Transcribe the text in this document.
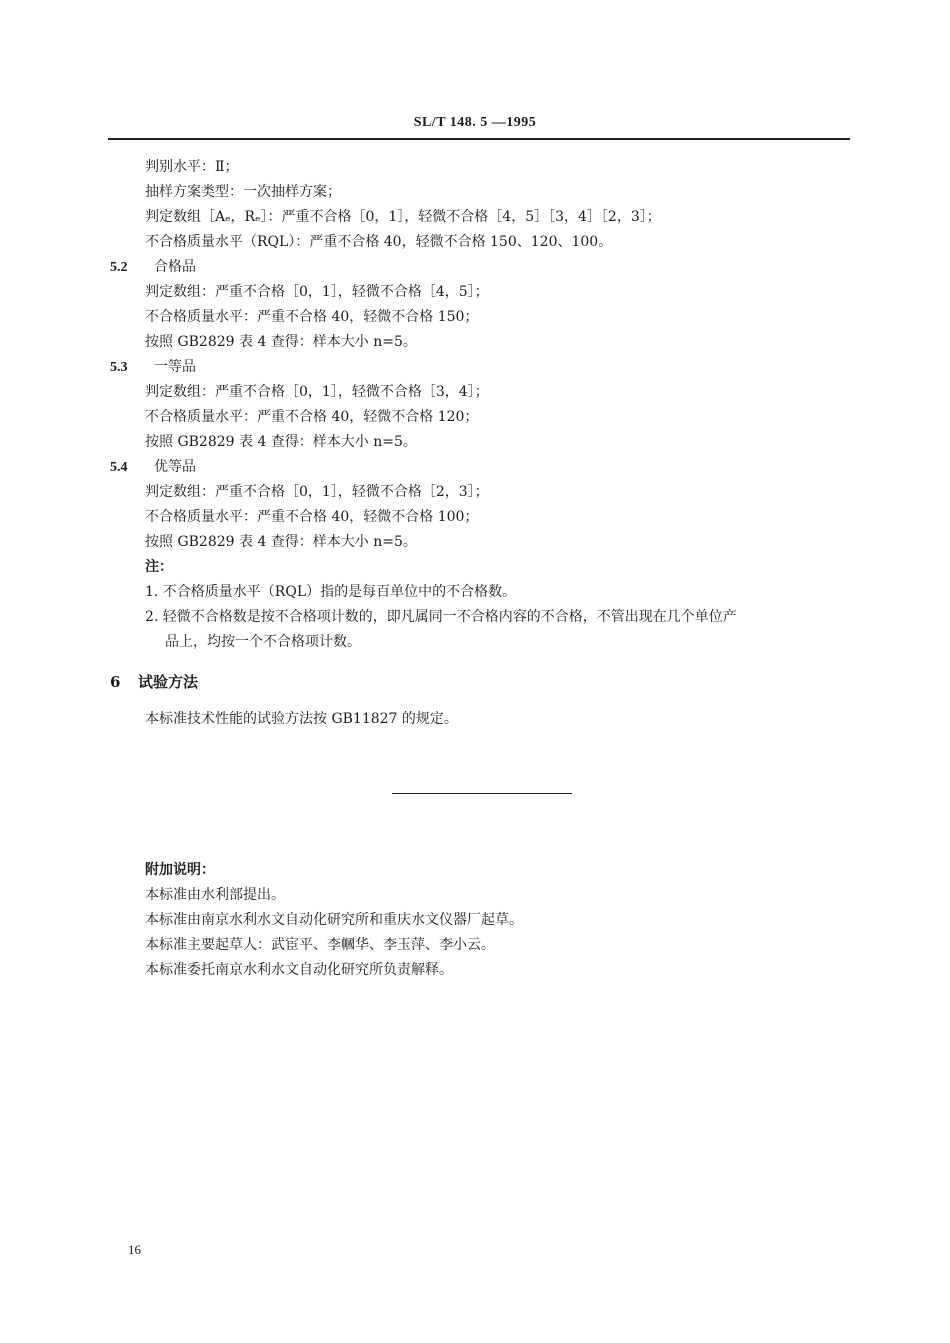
SL/T 148. 5 —1995
判别水平：Ⅱ；
抽样方案类型：一次抽样方案；
判定数组［Aₑ，Rₑ］：严重不合格［0，1］，轻微不合格［4，5］［3，4］［2，3］；
不合格质量水平（RQL）：严重不合格 40，轻微不合格 150、120、100。
5.2 合格品
判定数组：严重不合格［0，1］，轻微不合格［4，5］；
不合格质量水平：严重不合格 40，轻微不合格 150；
按照 GB2829 表 4 查得：样本大小 n=5。
5.3 一等品
判定数组：严重不合格［0，1］，轻微不合格［3，4］；
不合格质量水平：严重不合格 40，轻微不合格 120；
按照 GB2829 表 4 查得：样本大小 n=5。
5.4 优等品
判定数组：严重不合格［0，1］，轻微不合格［2，3］；
不合格质量水平：严重不合格 40，轻微不合格 100；
按照 GB2829 表 4 查得：样本大小 n=5。
注：
1. 不合格质量水平（RQL）指的是每百单位中的不合格数。
2. 轻微不合格数是按不合格项计数的，即凡属同一不合格内容的不合格，不管出现在几个单位产
品上，均按一个不合格项计数。
6 试验方法
本标准技术性能的试验方法按 GB11827 的规定。
附加说明：
本标准由水利部提出。
本标准由南京水利水文自动化研究所和重庆水文仪器厂起草。
本标准主要起草人：武宦平、李幗华、李玉萍、李小云。
本标准委托南京水利水文自动化研究所负责解释。
16
